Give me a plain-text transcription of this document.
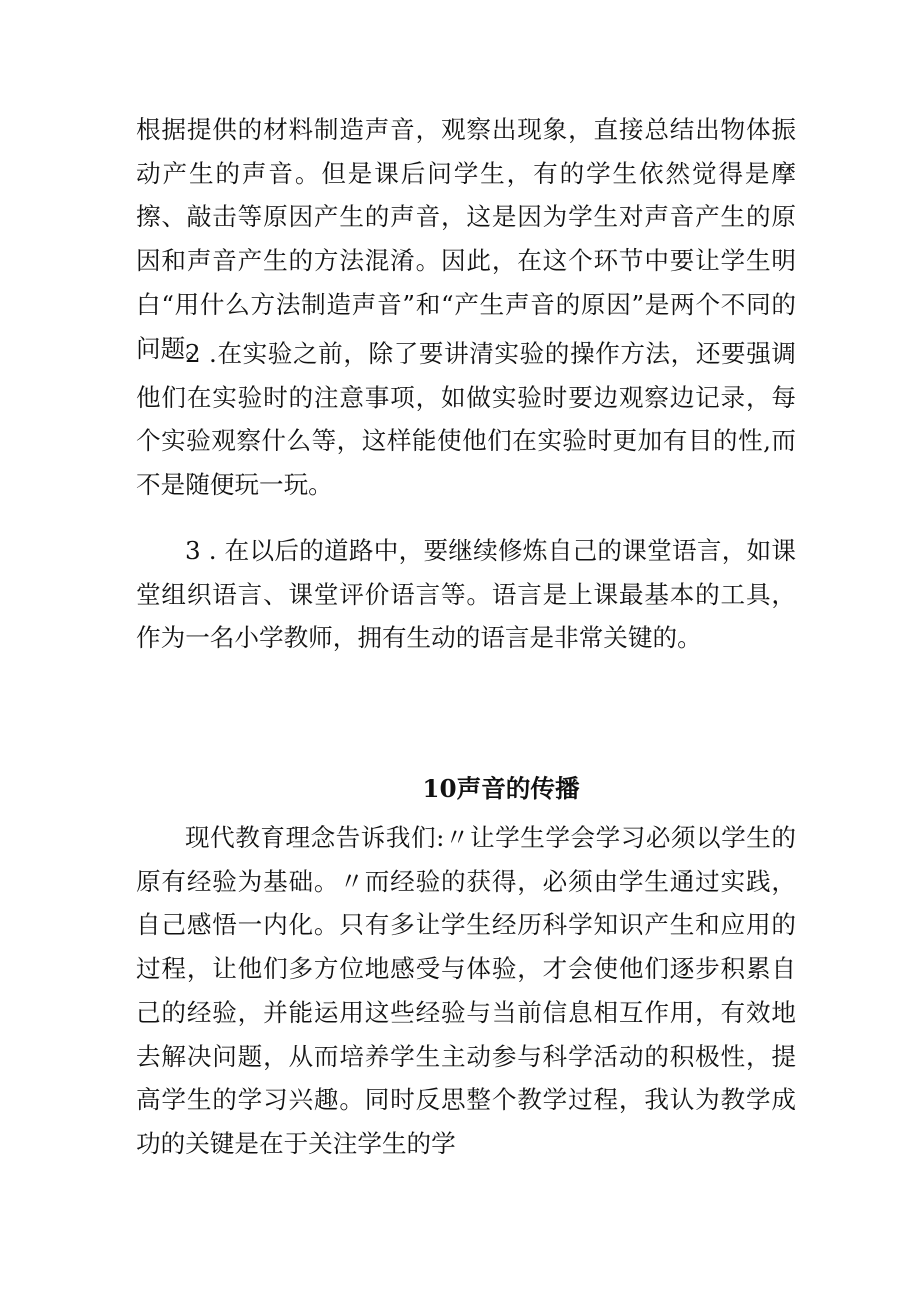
根据提供的材料制造声音，观察出现象，直接总结出物体振动产生的声音。但是课后问学生，有的学生依然觉得是摩擦、敲击等原因产生的声音，这是因为学生对声音产生的原因和声音产生的方法混淆。因此，在这个环节中要让学生明白“用什么方法制造声音”和“产生声音的原因”是两个不同的问题。

2 .在实验之前，除了要讲清实验的操作方法，还要强调他们在实验时的注意事项，如做实验时要边观察边记录，每个实验观察什么等，这样能使他们在实验时更加有目的性,而不是随便玩一玩。

3 . 在以后的道路中，要继续修炼自己的课堂语言，如课堂组织语言、课堂评价语言等。语言是上课最基本的工具，作为一名小学教师，拥有生动的语言是非常关键的。

10声音的传播

现代教育理念告诉我们:〃让学生学会学习必须以学生的原有经验为基础。〃而经验的获得，必须由学生通过实践，自己感悟一内化。只有多让学生经历科学知识产生和应用的过程，让他们多方位地感受与体验，才会使他们逐步积累自己的经验，并能运用这些经验与当前信息相互作用，有效地去解决问题，从而培养学生主动参与科学活动的积极性，提高学生的学习兴趣。同时反思整个教学过程，我认为教学成功的关键是在于关注学生的学
